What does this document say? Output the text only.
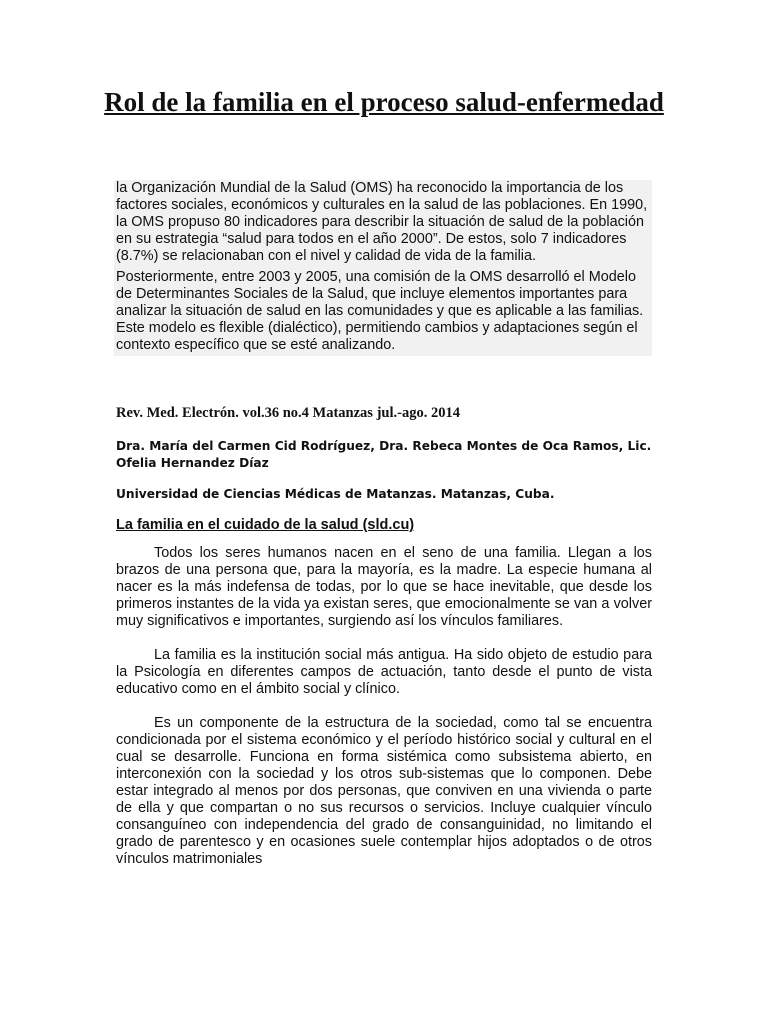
Rol de la familia en el proceso salud-enfermedad

la Organización Mundial de la Salud (OMS) ha reconocido la importancia de los factores sociales, económicos y culturales en la salud de las poblaciones. En 1990, la OMS propuso 80 indicadores para describir la situación de salud de la población en su estrategia “salud para todos en el año 2000”. De estos, solo 7 indicadores (8.7%) se relacionaban con el nivel y calidad de vida de la familia.

Posteriormente, entre 2003 y 2005, una comisión de la OMS desarrolló el Modelo de Determinantes Sociales de la Salud, que incluye elementos importantes para analizar la situación de salud en las comunidades y que es aplicable a las familias. Este modelo es flexible (dialéctico), permitiendo cambios y adaptaciones según el contexto específico que se esté analizando.

Rev. Med. Electrón. vol.36 no.4 Matanzas jul.-ago. 2014

Dra. María del Carmen Cid Rodríguez, Dra. Rebeca Montes de Oca Ramos, Lic. Ofelia Hernandez Díaz

Universidad de Ciencias Médicas de Matanzas. Matanzas, Cuba.

La familia en el cuidado de la salud (sld.cu)

Todos los seres humanos nacen en el seno de una familia. Llegan a los brazos de una persona que, para la mayoría, es la madre. La especie humana al nacer es la más indefensa de todas, por lo que se hace inevitable, que desde los primeros instantes de la vida ya existan seres, que emocionalmente se van a volver muy significativos e importantes, surgiendo así los vínculos familiares.

La familia es la institución social más antigua. Ha sido objeto de estudio para la Psicología en diferentes campos de actuación, tanto desde el punto de vista educativo como en el ámbito social y clínico.

Es un componente de la estructura de la sociedad, como tal se encuentra condicionada por el sistema económico y el período histórico social y cultural en el cual se desarrolle. Funciona en forma sistémica como subsistema abierto, en interconexión con la sociedad y los otros sub-sistemas que lo componen. Debe estar integrado al menos por dos personas, que conviven en una vivienda o parte de ella y que compartan o no sus recursos o servicios. Incluye cualquier vínculo consanguíneo con independencia del grado de consanguinidad, no limitando el grado de parentesco y en ocasiones suele contemplar hijos adoptados o de otros vínculos matrimoniales
